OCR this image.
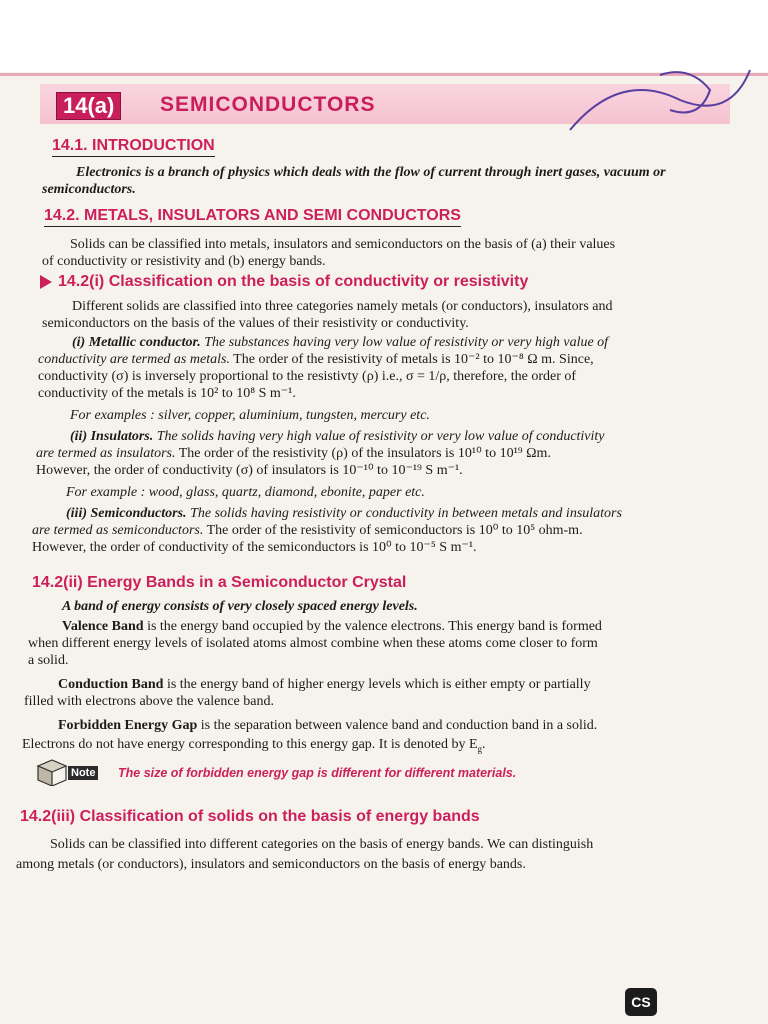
14(a)	SEMICONDUCTORS
14.1. INTRODUCTION
Electronics is a branch of physics which deals with the flow of current through inert gases, vacuum or
semiconductors.
14.2. METALS, INSULATORS AND SEMI CONDUCTORS
Solids can be classified into metals, insulators and semiconductors on the basis of (a) their values
of conductivity or resistivity and (b) energy bands.
14.2(i) Classification on the basis of conductivity or resistivity
Different solids are classified into three categories namely metals (or conductors), insulators and
semiconductors on the basis of the values of their resistivity or conductivity.
(i) Metallic conductor. The substances having very low value of resistivity or very high value of
conductivity are termed as metals. The order of the resistivity of metals is 10⁻² to 10⁻⁸ Ω m. Since,
conductivity (σ) is inversely proportional to the resistivty (ρ) i.e., σ = 1/ρ, therefore, the order of
conductivity of the metals is 10² to 10⁸ S m⁻¹.
For examples : silver, copper, aluminium, tungsten, mercury etc.
(ii) Insulators. The solids having very high value of resistivity or very low value of conductivity
are termed as insulators. The order of the resistivity (ρ) of the insulators is 10¹⁰ to 10¹⁹ Ωm.
However, the order of conductivity (σ) of insulators is 10⁻¹⁰ to 10⁻¹⁹ S m⁻¹.
For example : wood, glass, quartz, diamond, ebonite, paper etc.
(iii) Semiconductors. The solids having resistivity or conductivity in between metals and insulators
are termed as semiconductors. The order of the resistivity of semiconductors is 10⁰ to 10⁵ ohm-m.
However, the order of conductivity of the semiconductors is 10⁰ to 10⁻⁵ S m⁻¹.
14.2(ii) Energy Bands in a Semiconductor Crystal
A band of energy consists of very closely spaced energy levels.
Valence Band is the energy band occupied by the valence electrons. This energy band is formed
when different energy levels of isolated atoms almost combine when these atoms come closer to form
a solid.
Conduction Band is the energy band of higher energy levels which is either empty or partially
filled with electrons above the valence band.
Forbidden Energy Gap is the separation between valence band and conduction band in a solid.
Electrons do not have energy corresponding to this energy gap. It is denoted by $E_g$.
Note The size of forbidden energy gap is different for different materials.
14.2(iii) Classification of solids on the basis of energy bands
Solids can be classified into different categories on the basis of energy bands. We can distinguish
among metals (or conductors), insulators and semiconductors on the basis of energy bands.
CS
